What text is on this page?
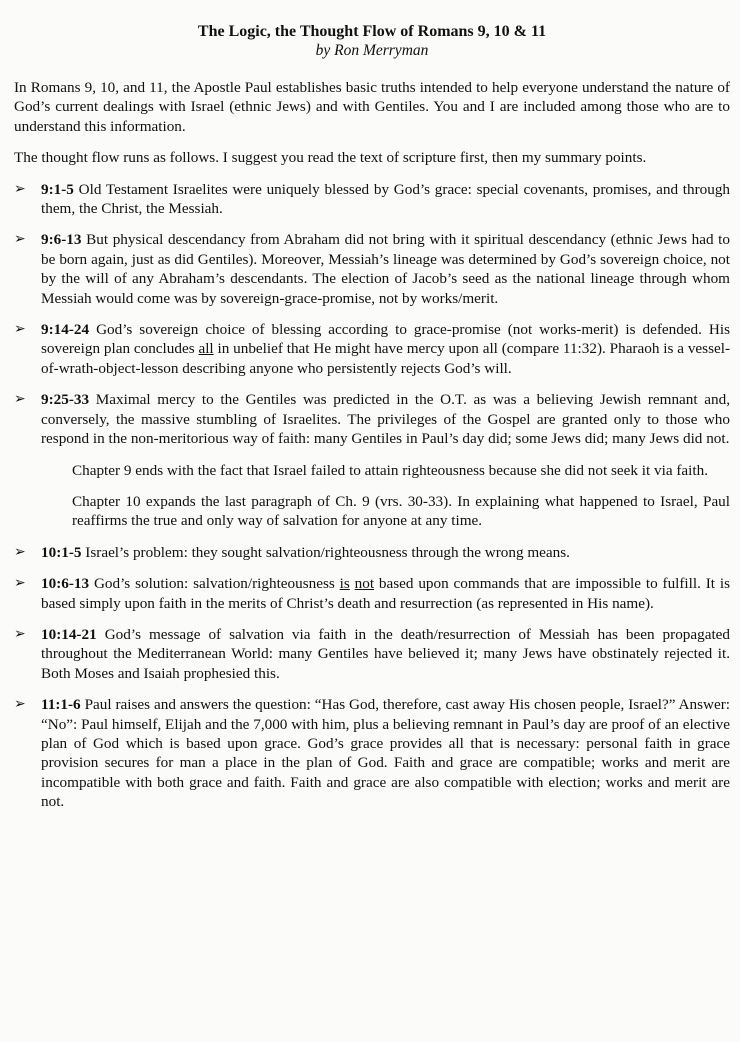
The Logic, the Thought Flow of Romans 9, 10 & 11
by Ron Merryman

In Romans 9, 10, and 11, the Apostle Paul establishes basic truths intended to help everyone understand the nature of God’s current dealings with Israel (ethnic Jews) and with Gentiles. You and I are included among those who are to understand this information.

The thought flow runs as follows. I suggest you read the text of scripture first, then my summary points.

➢ 9:1-5 Old Testament Israelites were uniquely blessed by God’s grace: special covenants, promises, and through them, the Christ, the Messiah.
➢ 9:6-13 But physical descendancy from Abraham did not bring with it spiritual descendancy (ethnic Jews had to be born again, just as did Gentiles). Moreover, Messiah’s lineage was determined by God’s sovereign choice, not by the will of any Abraham’s descendants. The election of Jacob’s seed as the national lineage through whom Messiah would come was by sovereign-grace-promise, not by works/merit.
➢ 9:14-24 God’s sovereign choice of blessing according to grace-promise (not works-merit) is defended. His sovereign plan concludes all in unbelief that He might have mercy upon all (compare 11:32). Pharaoh is a vessel-of-wrath-object-lesson describing anyone who persistently rejects God’s will.
➢ 9:25-33 Maximal mercy to the Gentiles was predicted in the O.T. as was a believing Jewish remnant and, conversely, the massive stumbling of Israelites. The privileges of the Gospel are granted only to those who respond in the non-meritorious way of faith: many Gentiles in Paul’s day did; some Jews did; many Jews did not.

Chapter 9 ends with the fact that Israel failed to attain righteousness because she did not seek it via faith.

Chapter 10 expands the last paragraph of Ch. 9 (vrs. 30-33). In explaining what happened to Israel, Paul reaffirms the true and only way of salvation for anyone at any time.

➢ 10:1-5 Israel’s problem: they sought salvation/righteousness through the wrong means.
➢ 10:6-13 God’s solution: salvation/righteousness is not based upon commands that are impossible to fulfill. It is based simply upon faith in the merits of Christ’s death and resurrection (as represented in His name).
➢ 10:14-21 God’s message of salvation via faith in the death/resurrection of Messiah has been propagated throughout the Mediterranean World: many Gentiles have believed it; many Jews have obstinately rejected it. Both Moses and Isaiah prophesied this.
➢ 11:1-6 Paul raises and answers the question: “Has God, therefore, cast away His chosen people, Israel?” Answer: “No”: Paul himself, Elijah and the 7,000 with him, plus a believing remnant in Paul’s day are proof of an elective plan of God which is based upon grace. God’s grace provides all that is necessary: personal faith in grace provision secures for man a place in the plan of God. Faith and grace are compatible; works and merit are incompatible with both grace and faith. Faith and grace are also compatible with election; works and merit are not.
